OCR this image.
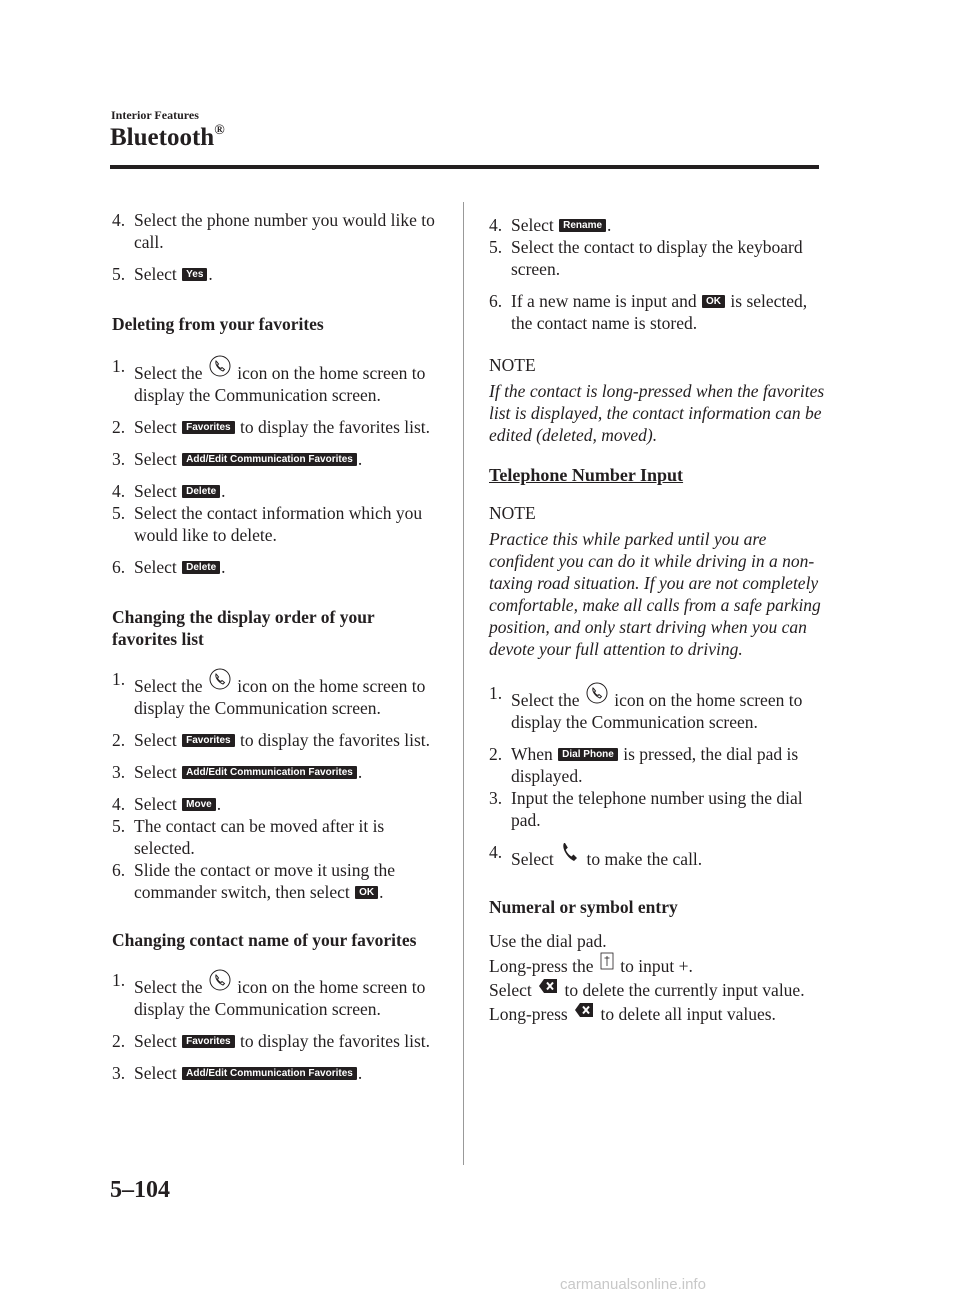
Interior Features
Bluetooth®
4. Select the phone number you would like to call.
5. Select Yes .
Deleting from your favorites
1. Select the icon on the home screen to display the Communication screen.
2. Select Favorites to display the favorites list.
3. Select Add/Edit Communication Favorites .
4. Select Delete .
5. Select the contact information which you would like to delete.
6. Select Delete .
Changing the display order of your favorites list
1. Select the icon on the home screen to display the Communication screen.
2. Select Favorites to display the favorites list.
3. Select Add/Edit Communication Favorites .
4. Select Move .
5. The contact can be moved after it is selected.
6. Slide the contact or move it using the commander switch, then select OK .
Changing contact name of your favorites
1. Select the icon on the home screen to display the Communication screen.
2. Select Favorites to display the favorites list.
3. Select Add/Edit Communication Favorites .
4. Select Rename .
5. Select the contact to display the keyboard screen.
6. If a new name is input and OK is selected, the contact name is stored.
NOTE
If the contact is long-pressed when the favorites list is displayed, the contact information can be edited (deleted, moved).
Telephone Number Input
NOTE
Practice this while parked until you are confident you can do it while driving in a non-taxing road situation. If you are not completely comfortable, make all calls from a safe parking position, and only start driving when you can devote your full attention to driving.
1. Select the icon on the home screen to display the Communication screen.
2. When Dial Phone is pressed, the dial pad is displayed.
3. Input the telephone number using the dial pad.
4. Select to make the call.
Numeral or symbol entry
Use the dial pad.
Long-press the to input +.
Select to delete the currently input value.
Long-press to delete all input values.
5–104
carmanualsonline.info
